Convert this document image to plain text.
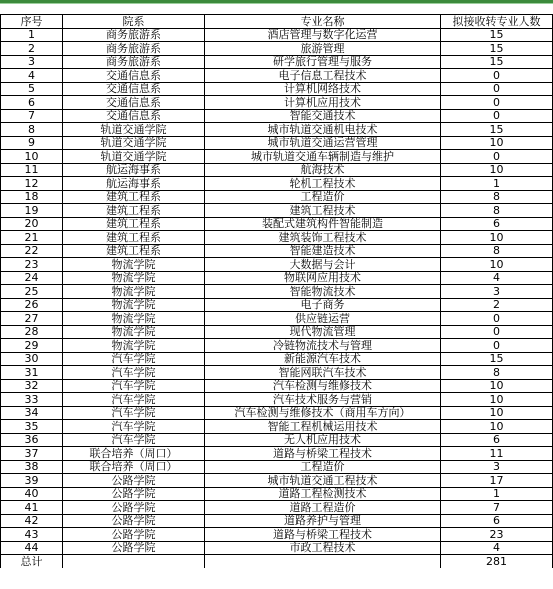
序号	院系	专业名称	拟接收转专业人数
1	商务旅游系	酒店管理与数字化运营	15
2	商务旅游系	旅游管理	15
3	商务旅游系	研学旅行管理与服务	15
4	交通信息系	电子信息工程技术	0
5	交通信息系	计算机网络技术	0
6	交通信息系	计算机应用技术	0
7	交通信息系	智能交通技术	0
8	轨道交通学院	城市轨道交通机电技术	15
9	轨道交通学院	城市轨道交通运营管理	10
10	轨道交通学院	城市轨道交通车辆制造与维护	0
11	航运海事系	航海技术	10
12	航运海事系	轮机工程技术	1
18	建筑工程系	工程造价	8
19	建筑工程系	建筑工程技术	8
20	建筑工程系	装配式建筑构件智能制造	6
21	建筑工程系	建筑装饰工程技术	10
22	建筑工程系	智能建造技术	8
23	物流学院	大数据与会计	10
24	物流学院	物联网应用技术	4
25	物流学院	智能物流技术	3
26	物流学院	电子商务	2
27	物流学院	供应链运营	0
28	物流学院	现代物流管理	0
29	物流学院	冷链物流技术与管理	0
30	汽车学院	新能源汽车技术	15
31	汽车学院	智能网联汽车技术	8
32	汽车学院	汽车检测与维修技术	10
33	汽车学院	汽车技术服务与营销	10
34	汽车学院	汽车检测与维修技术（商用车方向）	10
35	汽车学院	智能工程机械运用技术	10
36	汽车学院	无人机应用技术	6
37	联合培养（周口）	道路与桥梁工程技术	11
38	联合培养（周口）	工程造价	3
39	公路学院	城市轨道交通工程技术	17
40	公路学院	道路工程检测技术	1
41	公路学院	道路工程造价	7
42	公路学院	道路养护与管理	6
43	公路学院	道路与桥梁工程技术	23
44	公路学院	市政工程技术	4
总计			281
